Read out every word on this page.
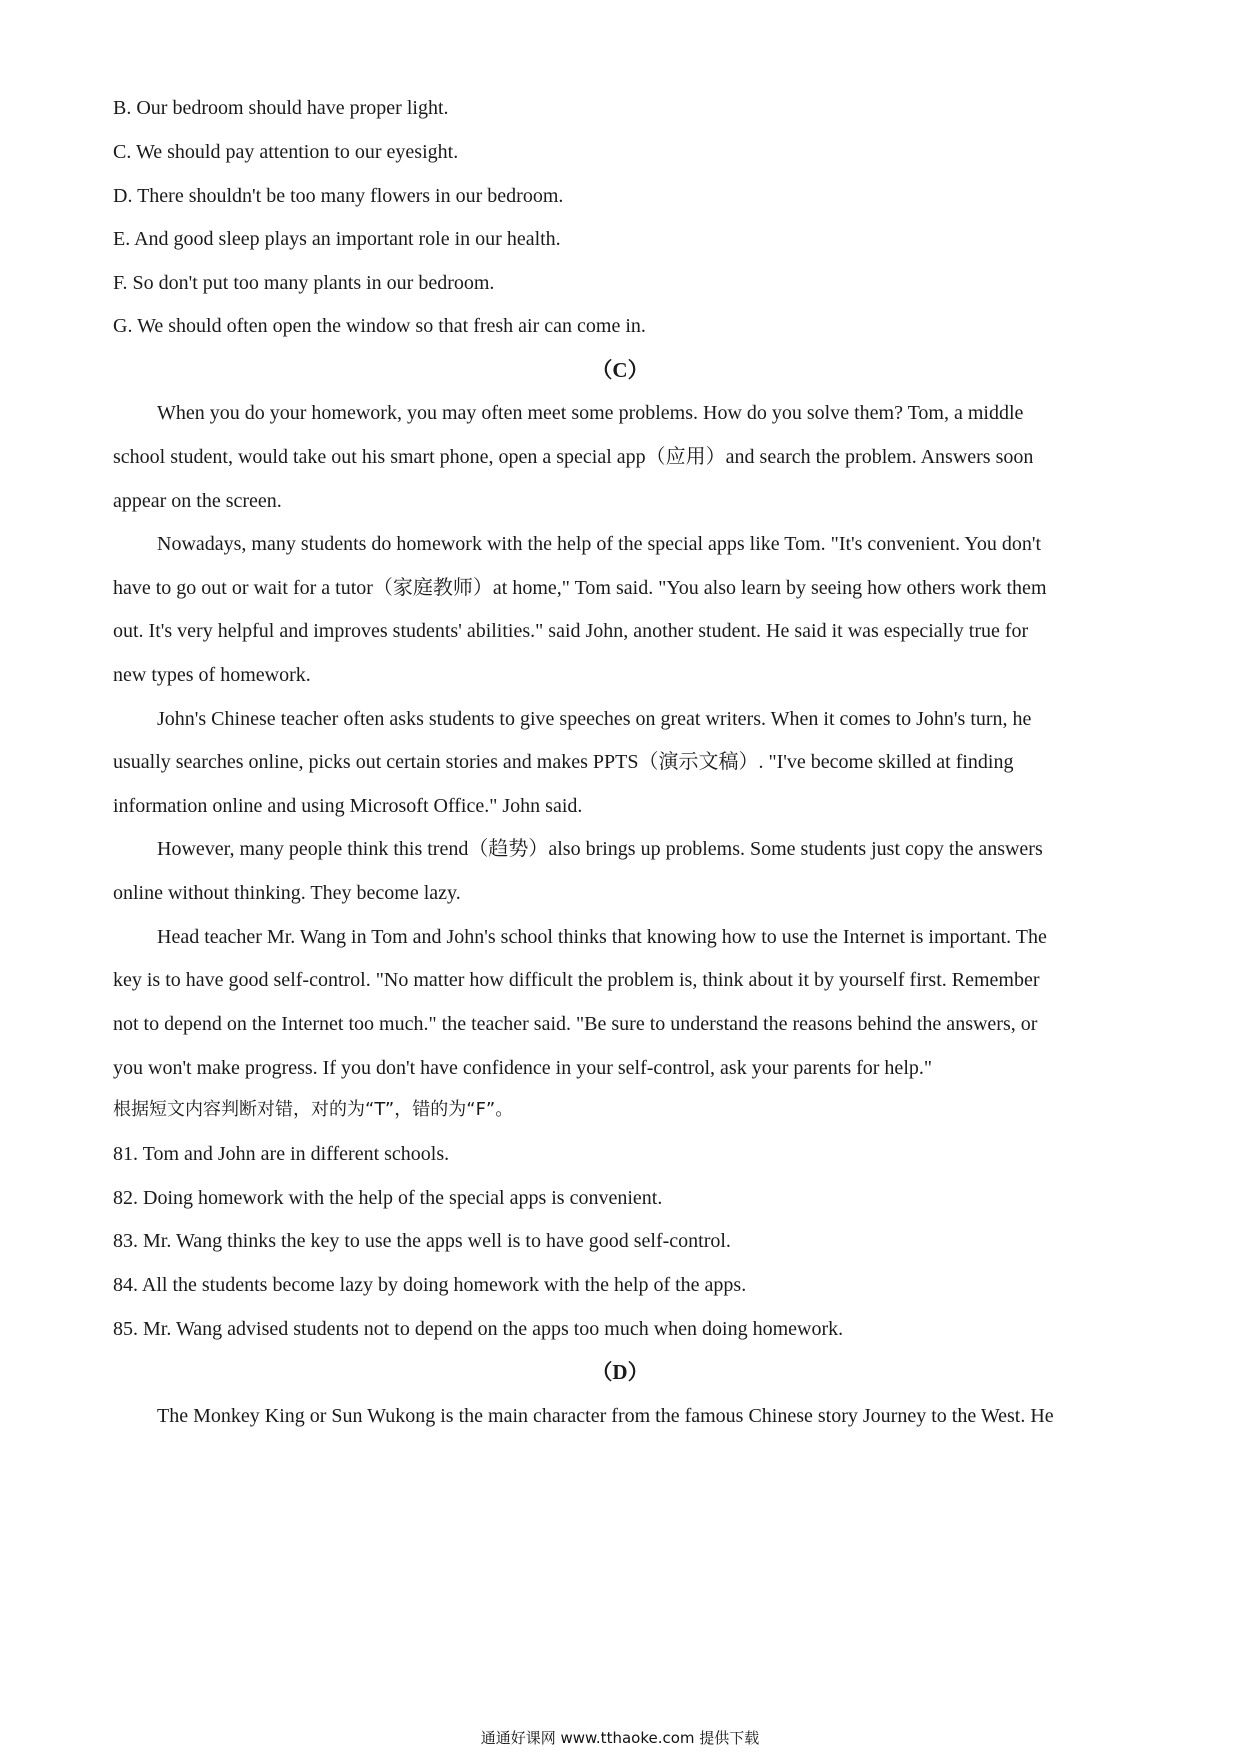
B. Our bedroom should have proper light.
C. We should pay attention to our eyesight.
D. There shouldn't be too many flowers in our bedroom.
E. And good sleep plays an important role in our health.
F. So don't put too many plants in our bedroom.
G. We should often open the window so that fresh air can come in.
（C）
When you do your homework, you may often meet some problems. How do you solve them? Tom, a middle
school student, would take out his smart phone, open a special app（应用）and search the problem. Answers soon
appear on the screen.
Nowadays, many students do homework with the help of the special apps like Tom. "It's convenient. You don't
have to go out or wait for a tutor（家庭教师）at home," Tom said. "You also learn by seeing how others work them
out. It's very helpful and improves students' abilities." said John, another student. He said it was especially true for
new types of homework.
John's Chinese teacher often asks students to give speeches on great writers. When it comes to John's turn, he
usually searches online, picks out certain stories and makes PPTS（演示文稿）. "I've become skilled at finding
information online and using Microsoft Office." John said.
However, many people think this trend（趋势）also brings up problems. Some students just copy the answers
online without thinking. They become lazy.
Head teacher Mr. Wang in Tom and John's school thinks that knowing how to use the Internet is important. The
key is to have good self-control. "No matter how difficult the problem is, think about it by yourself first. Remember
not to depend on the Internet too much." the teacher said. "Be sure to understand the reasons behind the answers, or
you won't make progress. If you don't have confidence in your self-control, ask your parents for help."
根据短文内容判断对错，对的为“T”，错的为“F”。
81. Tom and John are in different schools.
82. Doing homework with the help of the special apps is convenient.
83. Mr. Wang thinks the key to use the apps well is to have good self-control.
84. All the students become lazy by doing homework with the help of the apps.
85. Mr. Wang advised students not to depend on the apps too much when doing homework.
（D）
The Monkey King or Sun Wukong is the main character from the famous Chinese story Journey to the West. He
通通好课网 www.tthaoke.com 提供下载
